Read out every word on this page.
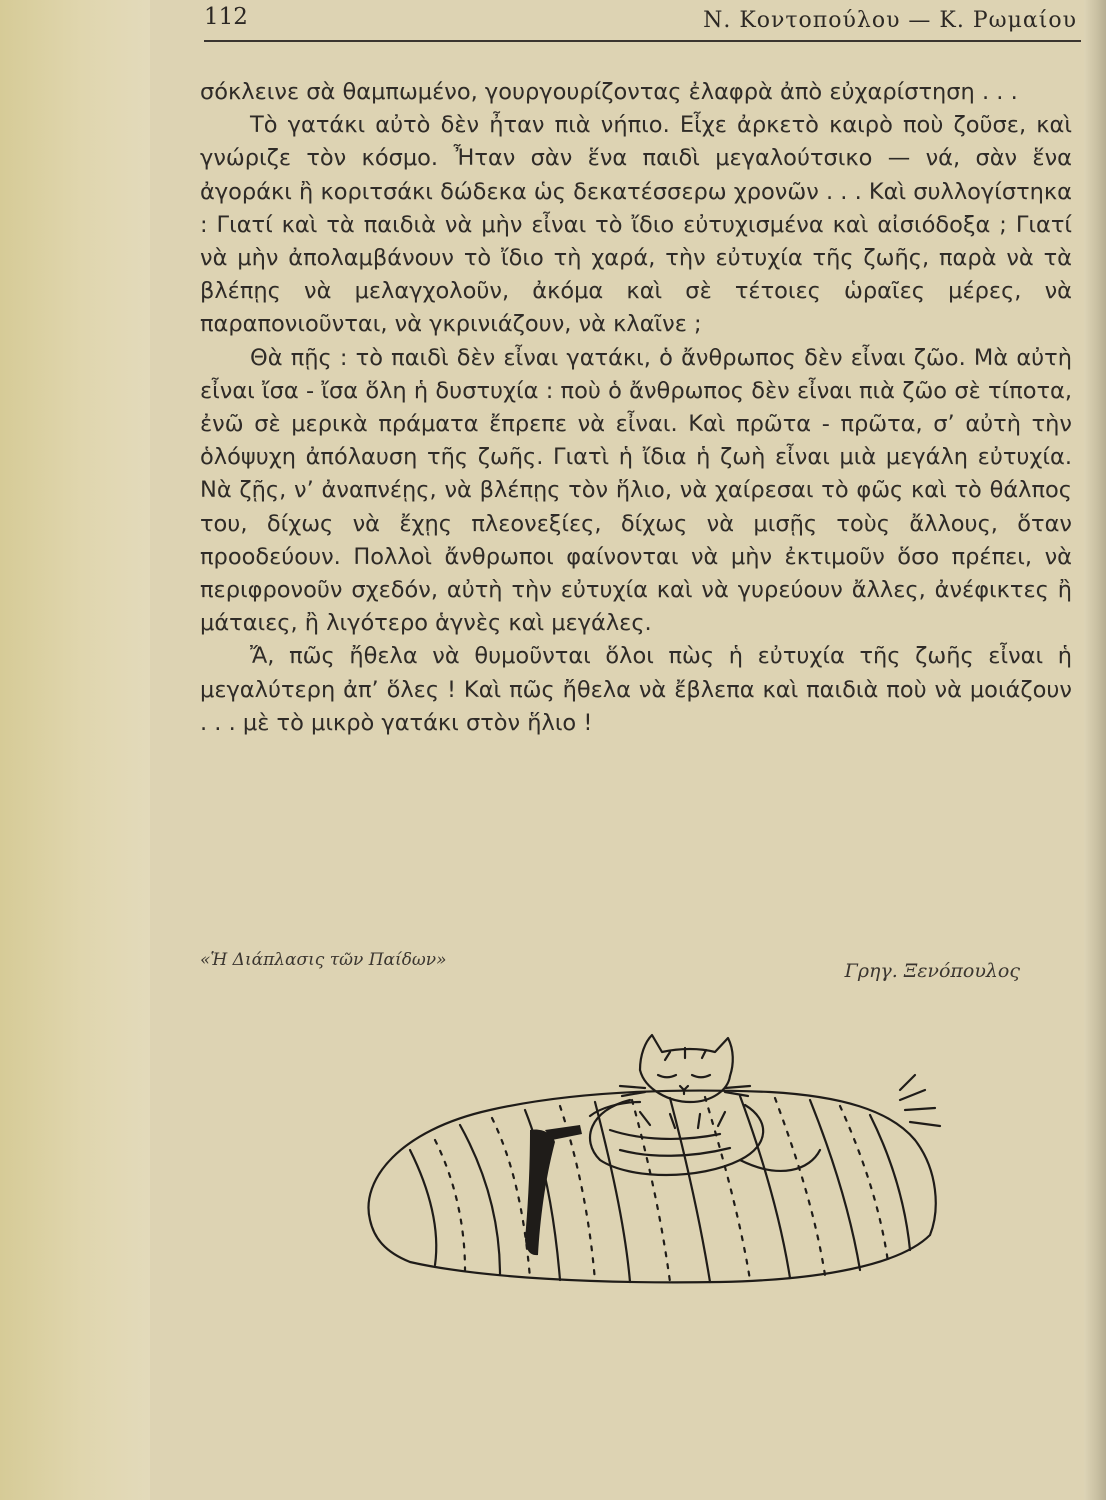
112	Ν. Κοντοπούλου — Κ. Ρωμαίου

σόκλεινε σὰ θαμπωμένο, γουργουρίζοντας ἐλαφρὰ ἀπὸ εὐχαρίστηση . . .

Τὸ γατάκι αὐτὸ δὲν ἦταν πιὰ νήπιο. Εἶχε ἀρκετὸ καιρὸ ποὺ ζοῦσε, καὶ γνώριζε τὸν κόσμο. Ἦταν σὰν ἕνα παιδὶ μεγαλούτσικο — νά, σὰν ἕνα ἀγοράκι ἢ κοριτσάκι δώδεκα ὡς δεκατέσσερω χρονῶν . . . Καὶ συλλογίστηκα : Γιατί καὶ τὰ παιδιὰ νὰ μὴν εἶναι τὸ ἴδιο εὐτυχισμένα καὶ αἰσιόδοξα ; Γιατί νὰ μὴν ἀπολαμβάνουν τὸ ἴδιο τὴ χαρά, τὴν εὐτυχία τῆς ζωῆς, παρὰ νὰ τὰ βλέπῃς νὰ μελαγχολοῦν, ἀκόμα καὶ σὲ τέτοιες ὡραῖες μέρες, νὰ παραπονιοῦνται, νὰ γκρινιάζουν, νὰ κλαῖνε ;

Θὰ πῇς : τὸ παιδὶ δὲν εἶναι γατάκι, ὁ ἄνθρωπος δὲν εἶναι ζῶο. Μὰ αὐτὴ εἶναι ἴσα - ἴσα ὅλη ἡ δυστυχία : ποὺ ὁ ἄνθρωπος δὲν εἶναι πιὰ ζῶο σὲ τίποτα, ἐνῶ σὲ μερικὰ πράματα ἔπρεπε νὰ εἶναι. Καὶ πρῶτα - πρῶτα, σ’ αὐτὴ τὴν ὁλόψυχη ἀπόλαυση τῆς ζωῆς. Γιατὶ ἡ ἴδια ἡ ζωὴ εἶναι μιὰ μεγάλη εὐτυχία. Νὰ ζῇς, ν’ ἀναπνέῃς, νὰ βλέπῃς τὸν ἥλιο, νὰ χαίρεσαι τὸ φῶς καὶ τὸ θάλπος του, δίχως νὰ ἔχῃς πλεονεξίες, δίχως νὰ μισῇς τοὺς ἄλλους, ὅταν προοδεύουν. Πολλοὶ ἄνθρωποι φαίνονται νὰ μὴν ἐκτιμοῦν ὅσο πρέπει, νὰ περιφρονοῦν σχεδόν, αὐτὴ τὴν εὐτυχία καὶ νὰ γυρεύουν ἄλλες, ἀνέφικτες ἢ μάταιες, ἢ λιγότερο ἁγνὲς καὶ μεγάλες.

Ἄ, πῶς ἤθελα νὰ θυμοῦνται ὅλοι πὼς ἡ εὐτυχία τῆς ζωῆς εἶναι ἡ μεγαλύτερη ἀπ’ ὅλες ! Καὶ πῶς ἤθελα νὰ ἔβλεπα καὶ παιδιὰ ποὺ νὰ μοιάζουν . . . μὲ τὸ μικρὸ γατάκι στὸν ἥλιο !

«Ἡ Διάπλασις τῶν Παίδων»	Γρηγ. Ξενόπουλος
